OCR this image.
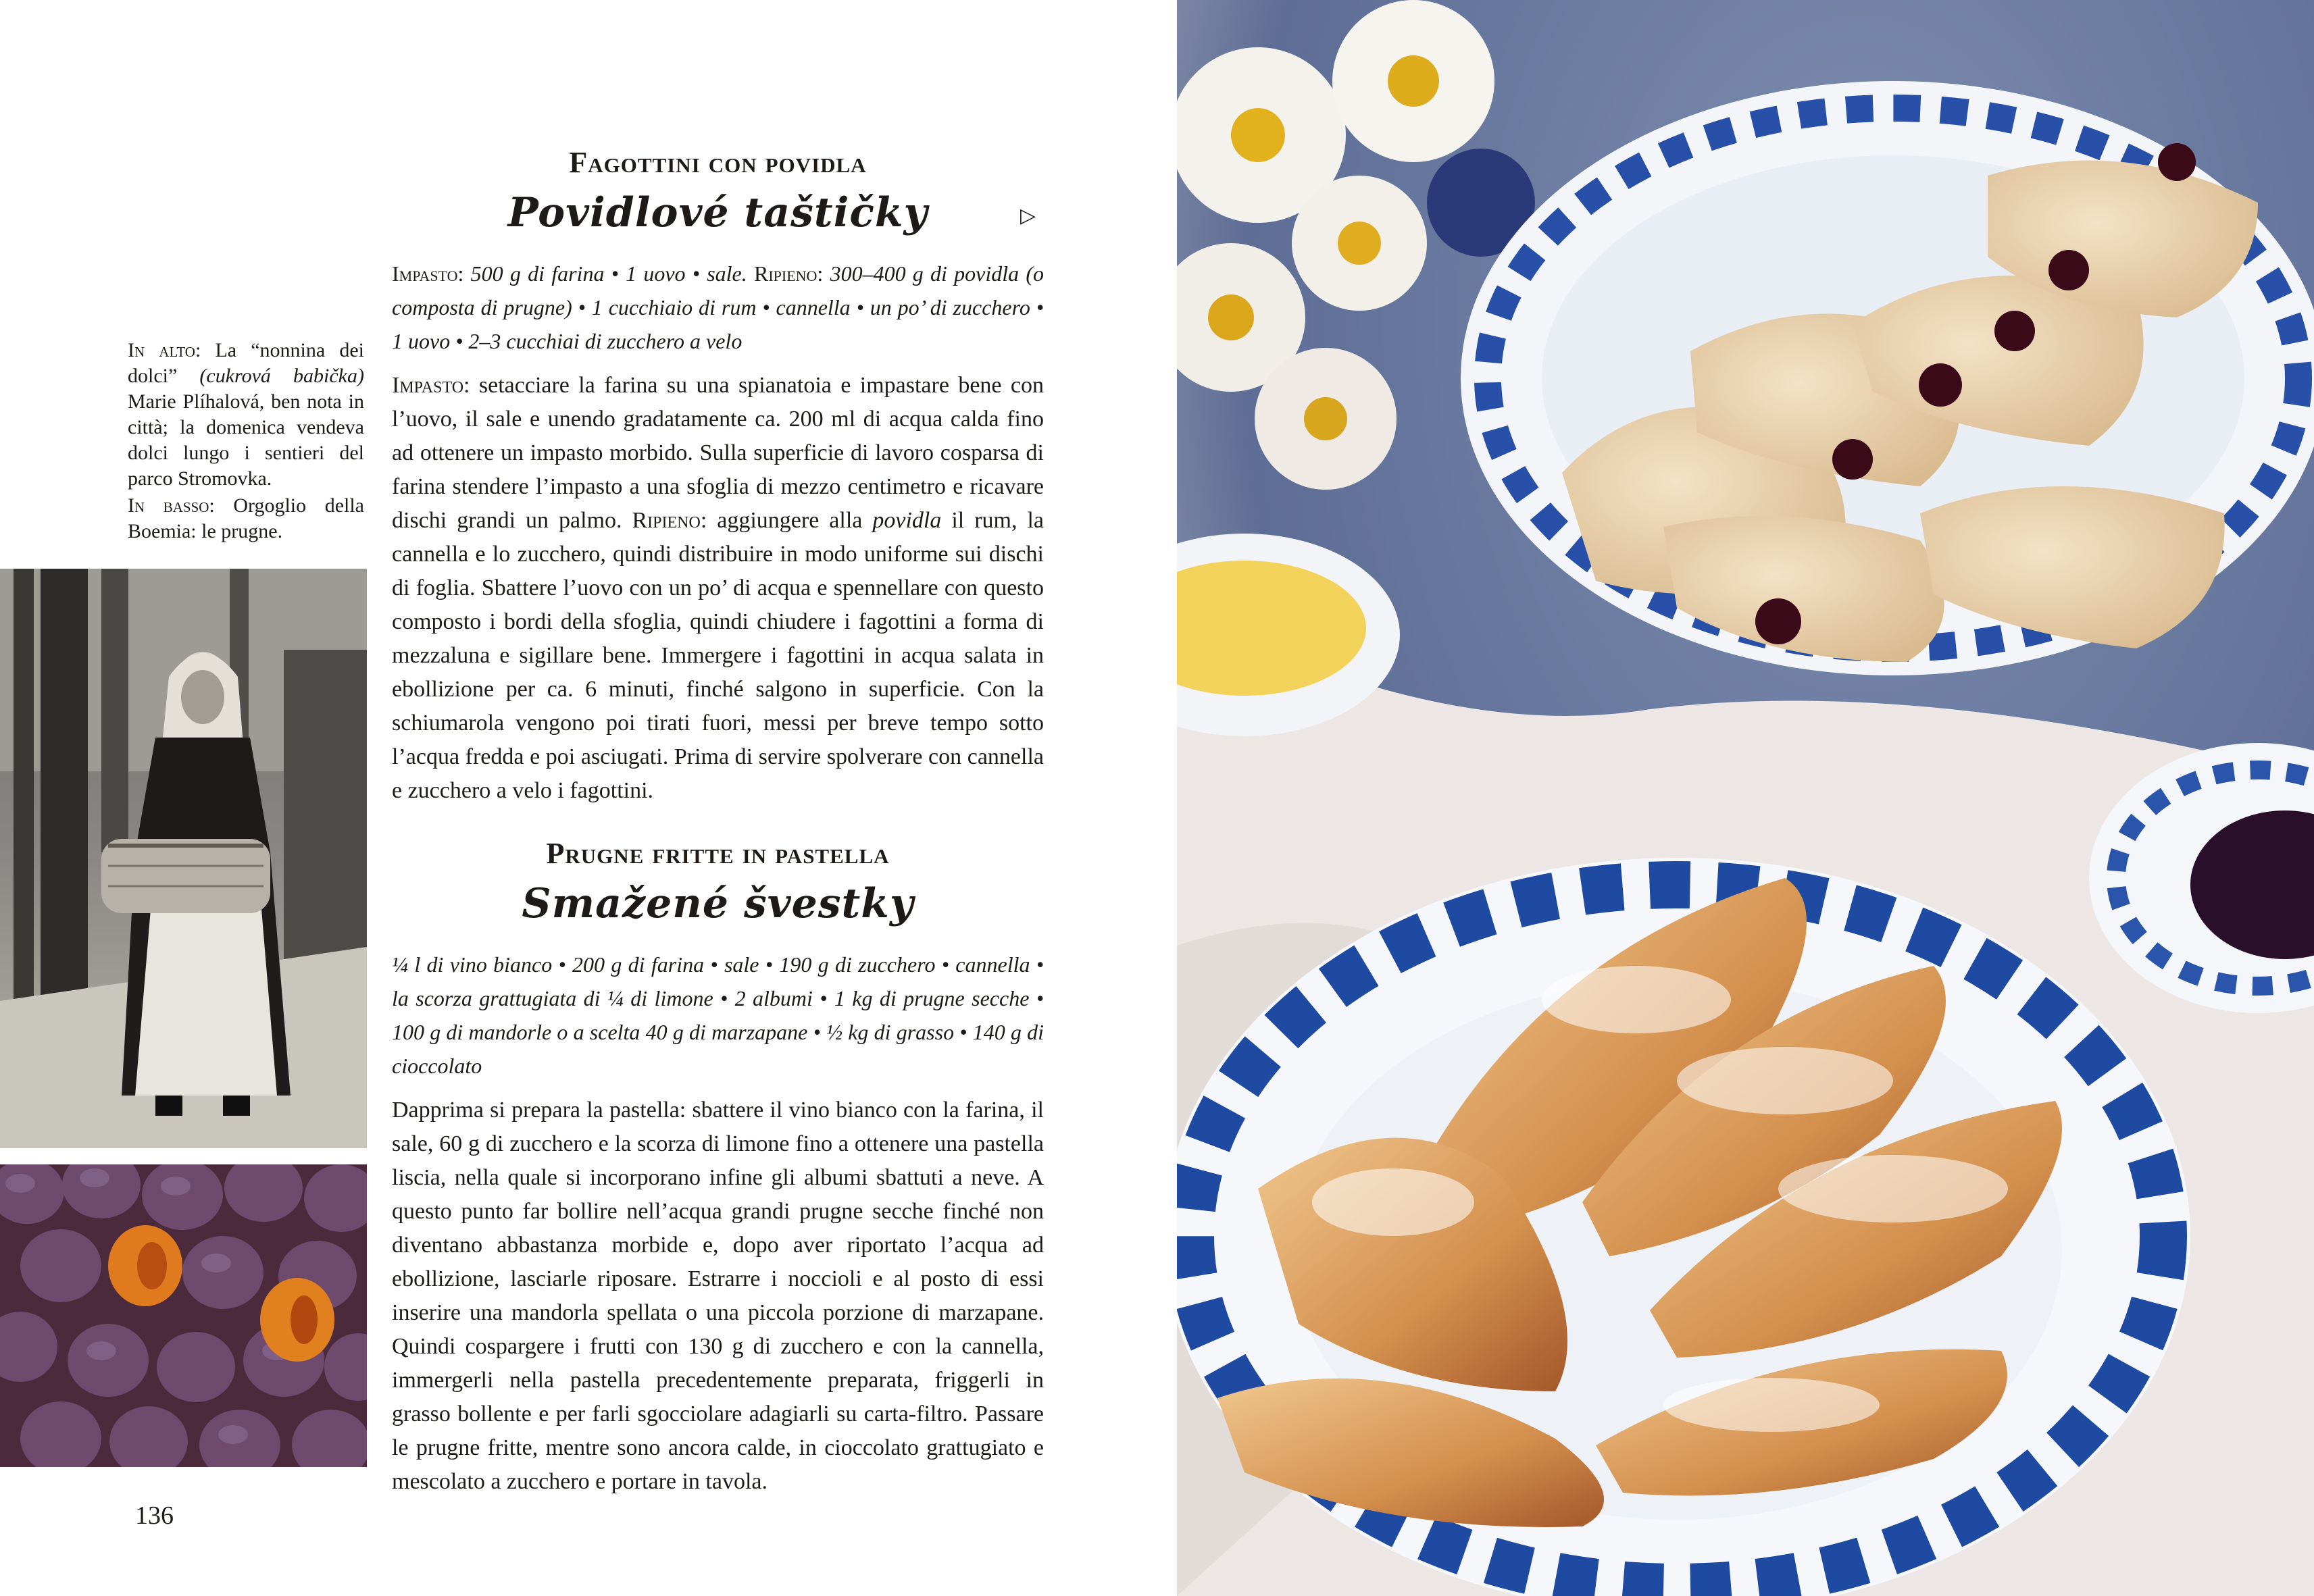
In alto: La “nonnina dei dolci” (cukrová babička) Marie Plíhalová, ben nota in città; la domenica vendeva dolci lungo i sentieri del parco Stromovka.

In basso: Orgoglio della Boemia: le prugne.

136
Fagottini con povidla
Povidlové taštičky

Impasto: 500 g di farina • 1 uovo • sale. Ripieno: 300–400 g di povidla (o composta di prugne) • 1 cucchiaio di rum • cannella • un po’ di zucchero • 1 uovo • 2–3 cucchiai di zucchero a velo

Impasto: setacciare la farina su una spianatoia e impastare bene con l’uovo, il sale e unendo gradatamente ca. 200 ml di acqua calda fino ad ottenere un impasto morbido. Sulla superficie di lavoro cosparsa di farina stendere l’impasto a una sfoglia di mezzo centimetro e ricavare dischi grandi un palmo. Ripieno: aggiungere alla povidla il rum, la cannella e lo zucchero, quindi distribuire in modo uniforme sui dischi di foglia. Sbattere l’uovo con un po’ di acqua e spennellare con questo composto i bordi della sfoglia, quindi chiudere i fagottini a forma di mezzaluna e sigillare bene. Immergere i fagottini in acqua salata in ebollizione per ca. 6 minuti, finché salgono in superficie. Con la schiumarola vengono poi tirati fuori, messi per breve tempo sotto l’acqua fredda e poi asciugati. Prima di servire spolverare con cannella e zucchero a velo i fagottini.

▷
Prugne fritte in pastella
Smažené švestky

¼ l di vino bianco • 200 g di farina • sale • 190 g di zucchero • cannella • la scorza grattugiata di ¼ di limone • 2 albumi • 1 kg di prugne secche • 100 g di mandorle o a scelta 40 g di marzapane • ½ kg di grasso • 140 g di cioccolato

Dapprima si prepara la pastella: sbattere il vino bianco con la farina, il sale, 60 g di zucchero e la scorza di limone fino a ottenere una pastella liscia, nella quale si incorporano infine gli albumi sbattuti a neve. A questo punto far bollire nell’acqua grandi prugne secche finché non diventano abbastanza morbide e, dopo aver riportato l’acqua ad ebollizione, lasciarle riposare. Estrarre i noccioli e al posto di essi inserire una mandorla spellata o una piccola porzione di marzapane. Quindi cospargere i frutti con 130 g di zucchero e con la cannella, immergerli nella pastella precedentemente preparata, friggerli in grasso bollente e per farli sgocciolare adagiarli su carta-filtro. Passare le prugne fritte, mentre sono ancora calde, in cioccolato grattugiato e mescolato a zucchero e portare in tavola.
